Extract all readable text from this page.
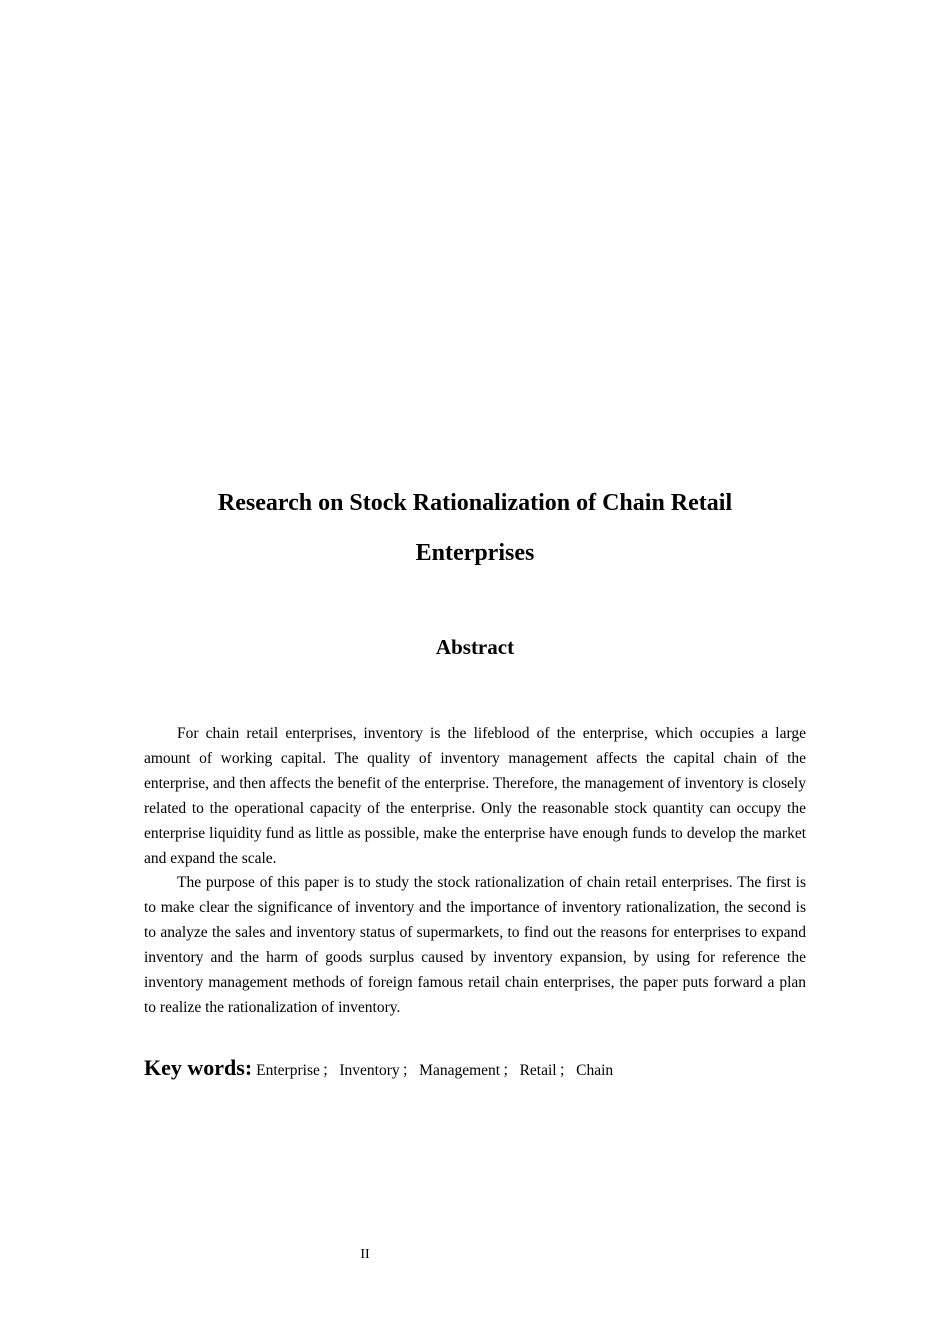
Research on Stock Rationalization of Chain Retail
Enterprises
Abstract

For chain retail enterprises, inventory is the lifeblood of the enterprise, which occupies a large amount of working capital. The quality of inventory management affects the capital chain of the enterprise, and then affects the benefit of the enterprise. Therefore, the management of inventory is closely related to the operational capacity of the enterprise. Only the reasonable stock quantity can occupy the enterprise liquidity fund as little as possible, make the enterprise have enough funds to develop the market and expand the scale.

The purpose of this paper is to study the stock rationalization of chain retail enterprises. The first is to make clear the significance of inventory and the importance of inventory rationalization, the second is to analyze the sales and inventory status of supermarkets, to find out the reasons for enterprises to expand inventory and the harm of goods surplus caused by inventory expansion, by using for reference the inventory management methods of foreign famous retail chain enterprises, the paper puts forward a plan to realize the rationalization of inventory.

Key words: Enterprise ； Inventory ； Management ； Retail ； Chain
II
